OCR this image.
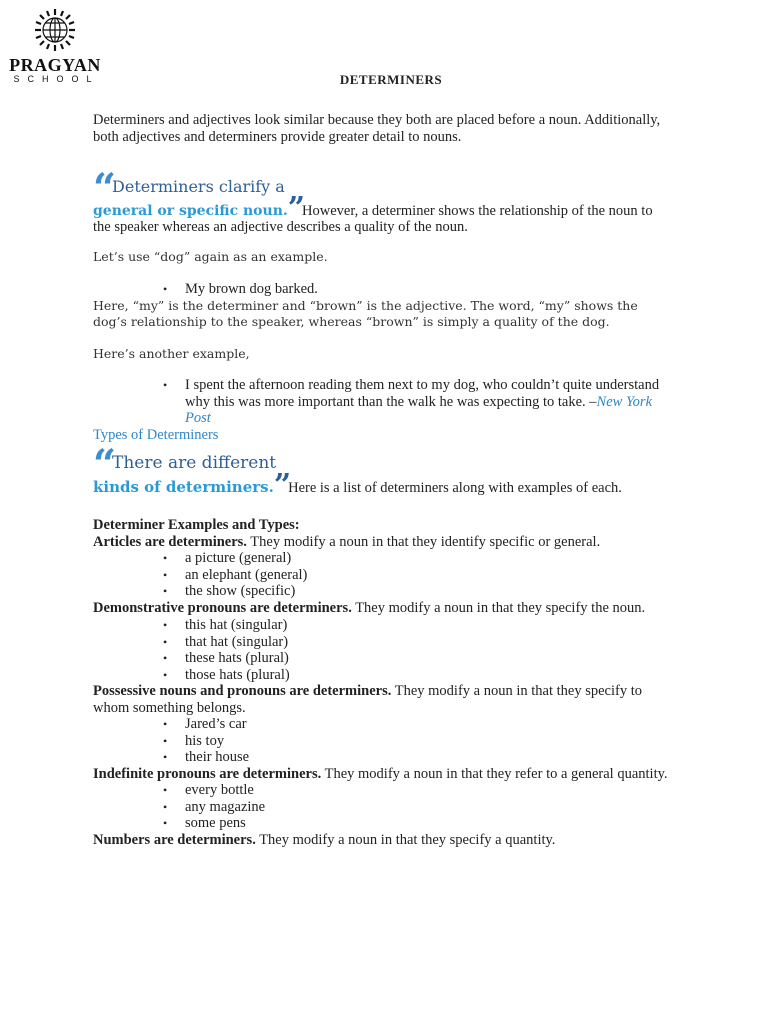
PRAGYAN
SCHOOL	DETERMINERS

Determiners and adjectives look similar because they both are placed before a noun. Additionally, both adjectives and determiners provide greater detail to nouns.

“Determiners clarify a

general or specific noun.”However, a determiner shows the relationship of the noun to the speaker whereas an adjective describes a quality of the noun.

Let’s use “dog” again as an example.

• My brown dog barked.

Here, “my” is the determiner and “brown” is the adjective. The word, “my” shows the dog’s relationship to the speaker, whereas “brown” is simply a quality of the dog.

Here’s another example,

• I spent the afternoon reading them next to my dog, who couldn’t quite understand why this was more important than the walk he was expecting to take. –New York Post

Types of Determiners

“There are different

kinds of determiners.”Here is a list of determiners along with examples of each.

Determiner Examples and Types:

Articles are determiners. They modify a noun in that they identify specific or general.

• a picture (general)
• an elephant (general)
• the show (specific)

Demonstrative pronouns are determiners. They modify a noun in that they specify the noun.

• this hat (singular)
• that hat (singular)
• these hats (plural)
• those hats (plural)

Possessive nouns and pronouns are determiners. They modify a noun in that they specify to whom something belongs.

• Jared’s car
• his toy
• their house

Indefinite pronouns are determiners. They modify a noun in that they refer to a general quantity.

• every bottle
• any magazine
• some pens

Numbers are determiners. They modify a noun in that they specify a quantity.
